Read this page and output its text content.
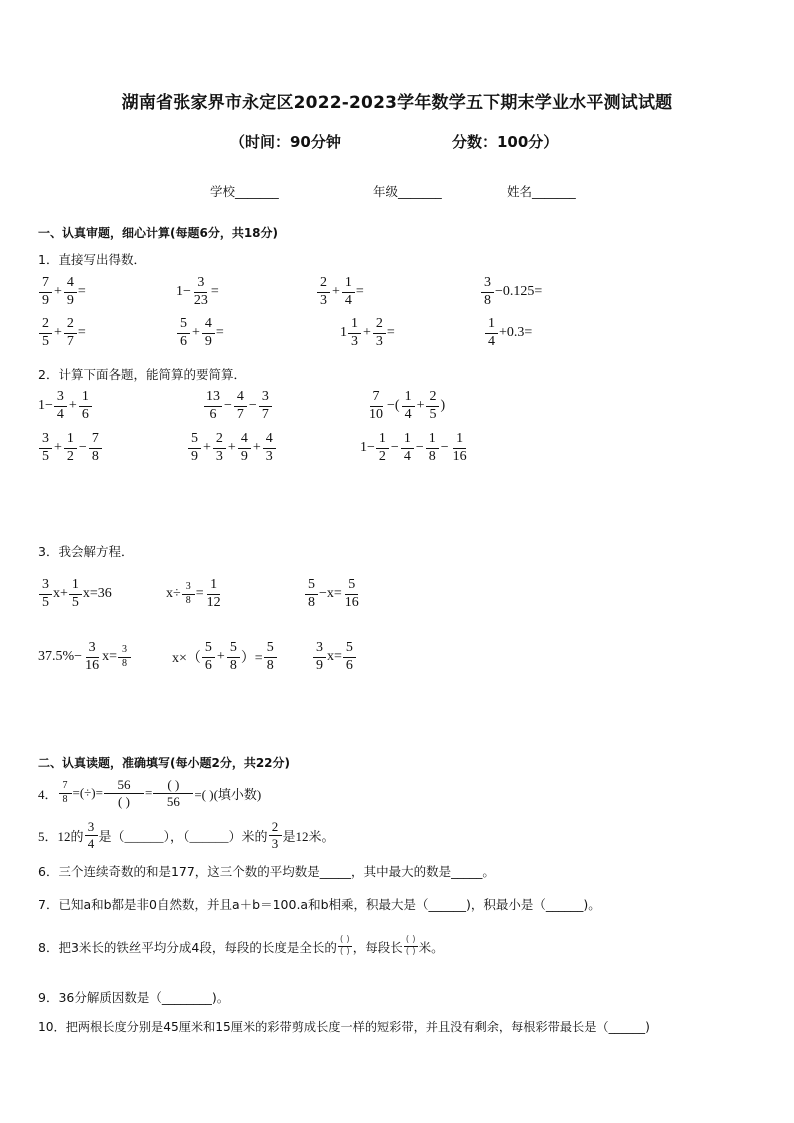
湖南省张家界市永定区2022-2023学年数学五下期末学业水平测试试题
（时间：90分钟	分数：100分）
学校_______	年级_______	姓名_______
一、认真审题，细心计算(每题6分，共18分)
1．直接写出得数．
$\frac{7}{9} + \frac{4}{9}$ =	$1- \frac{3}{23}$ =	$\frac{2}{3} + \frac{1}{4}$ =	$\frac{3}{8} -0.125=$
$\frac{2}{5} + \frac{2}{7}$ =	$\frac{5}{6} + \frac{4}{9}$ =	$1 \frac{1}{3} + \frac{2}{3}$ =	$\frac{1}{4} +0.3=$
2．计算下面各题，能简算的要简算．
$1- \frac{3}{4} + \frac{1}{6}$	$\frac{13}{6} - \frac{4}{7} - \frac{3}{7}$	$\frac{7}{10}$ −( $\frac{1}{4} + \frac{2}{5}$ )
$\frac{3}{5} + \frac{1}{2} - \frac{7}{8}$	$\frac{5}{9} + \frac{2}{3} + \frac{4}{9} + \frac{4}{3}$	$1- \frac{1}{2} - \frac{1}{4} - \frac{1}{8} - \frac{1}{16}$
3．我会解方程．
$\frac{3}{5} x+ \frac{1}{5} x=36$	$x\div \frac{3}{8} = \frac{1}{12}$	$\frac{5}{8} -x= \frac{5}{16}$
$37.5\%- \frac{3}{16} x= \frac{3}{8}$	$x\times( \frac{5}{6} + \frac{5}{8}$ ）= $\frac{5}{8}$	$\frac{3}{9} x= \frac{5}{6}$
二、认真读题，准确填写(每小题2分，共22分)
4． $\frac{7}{8}$ =(÷)= $\frac{56}{( )} = \frac{( )}{56}$ =( )(填小数)
5．12的 $\frac{3}{4}$ 是（______），（______）米的 $\frac{2}{3}$ 是12米。
6．三个连续奇数的和是177，这三个数的平均数是_____，其中最大的数是_____。
7．已知a和b都是非0自然数，并且a＋b＝100.a和b相乘，积最大是（______)，积最小是（______)。
8．把3米长的铁丝平均分成4段，每段的长度是全长的 $\frac{( )}{( )}$ ，每段长 $\frac{( )}{( )}$ 米。
9．36分解质因数是（________)。
10．把两根长度分别是45厘米和15厘米的彩带剪成长度一样的短彩带，并且没有剩余，每根彩带最长是（______)
